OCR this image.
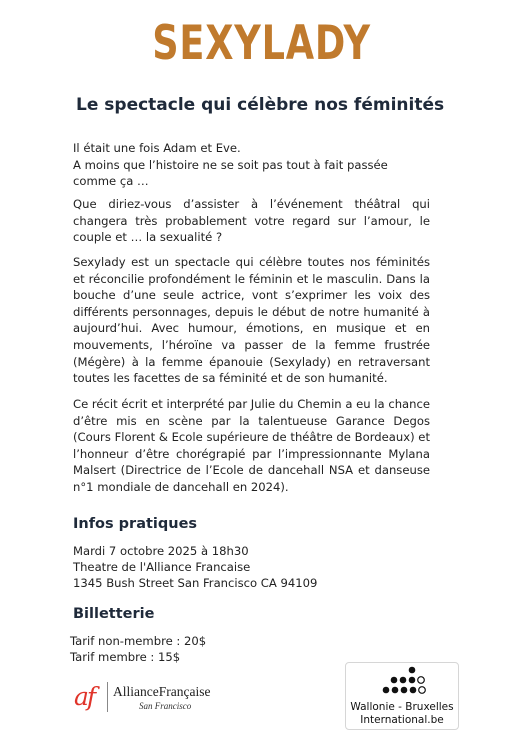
SEXYLADY
Le spectacle qui célèbre nos féminités
Il était une fois Adam et Eve.
A moins que l’histoire ne se soit pas tout à fait passée
comme ça …

Que diriez-vous d’assister à l’événement théâtral qui changera très probablement votre regard sur l’amour, le couple et … la sexualité ?

Sexylady est un spectacle qui célèbre toutes nos féminités et réconcilie profondément le féminin et le masculin. Dans la bouche d’une seule actrice, vont s’exprimer les voix des différents personnages, depuis le début de notre humanité à aujourd’hui. Avec humour, émotions, en musique et en mouvements, l’héroïne va passer de la femme frustrée (Mégère) à la femme épanouie (Sexylady) en retraversant toutes les facettes de sa féminité et de son humanité.

Ce récit écrit et interprété par Julie du Chemin a eu la chance d’être mis en scène par la talentueuse Garance Degos (Cours Florent & Ecole supérieure de théâtre de Bordeaux) et l’honneur d’être chorégrapié par l’impressionnante Mylana Malsert (Directrice de l’Ecole de dancehall NSA et danseuse n°1 mondiale de dancehall en 2024).

Infos pratiques
Mardi 7 octobre 2025 à 18h30
Theatre de l'Alliance Francaise
1345 Bush Street San Francisco CA 94109
Billetterie
Tarif non-membre : 20$
Tarif membre : 15$
af AllianceFrançaise
San Francisco	Wallonie - Bruxelles
International.be
